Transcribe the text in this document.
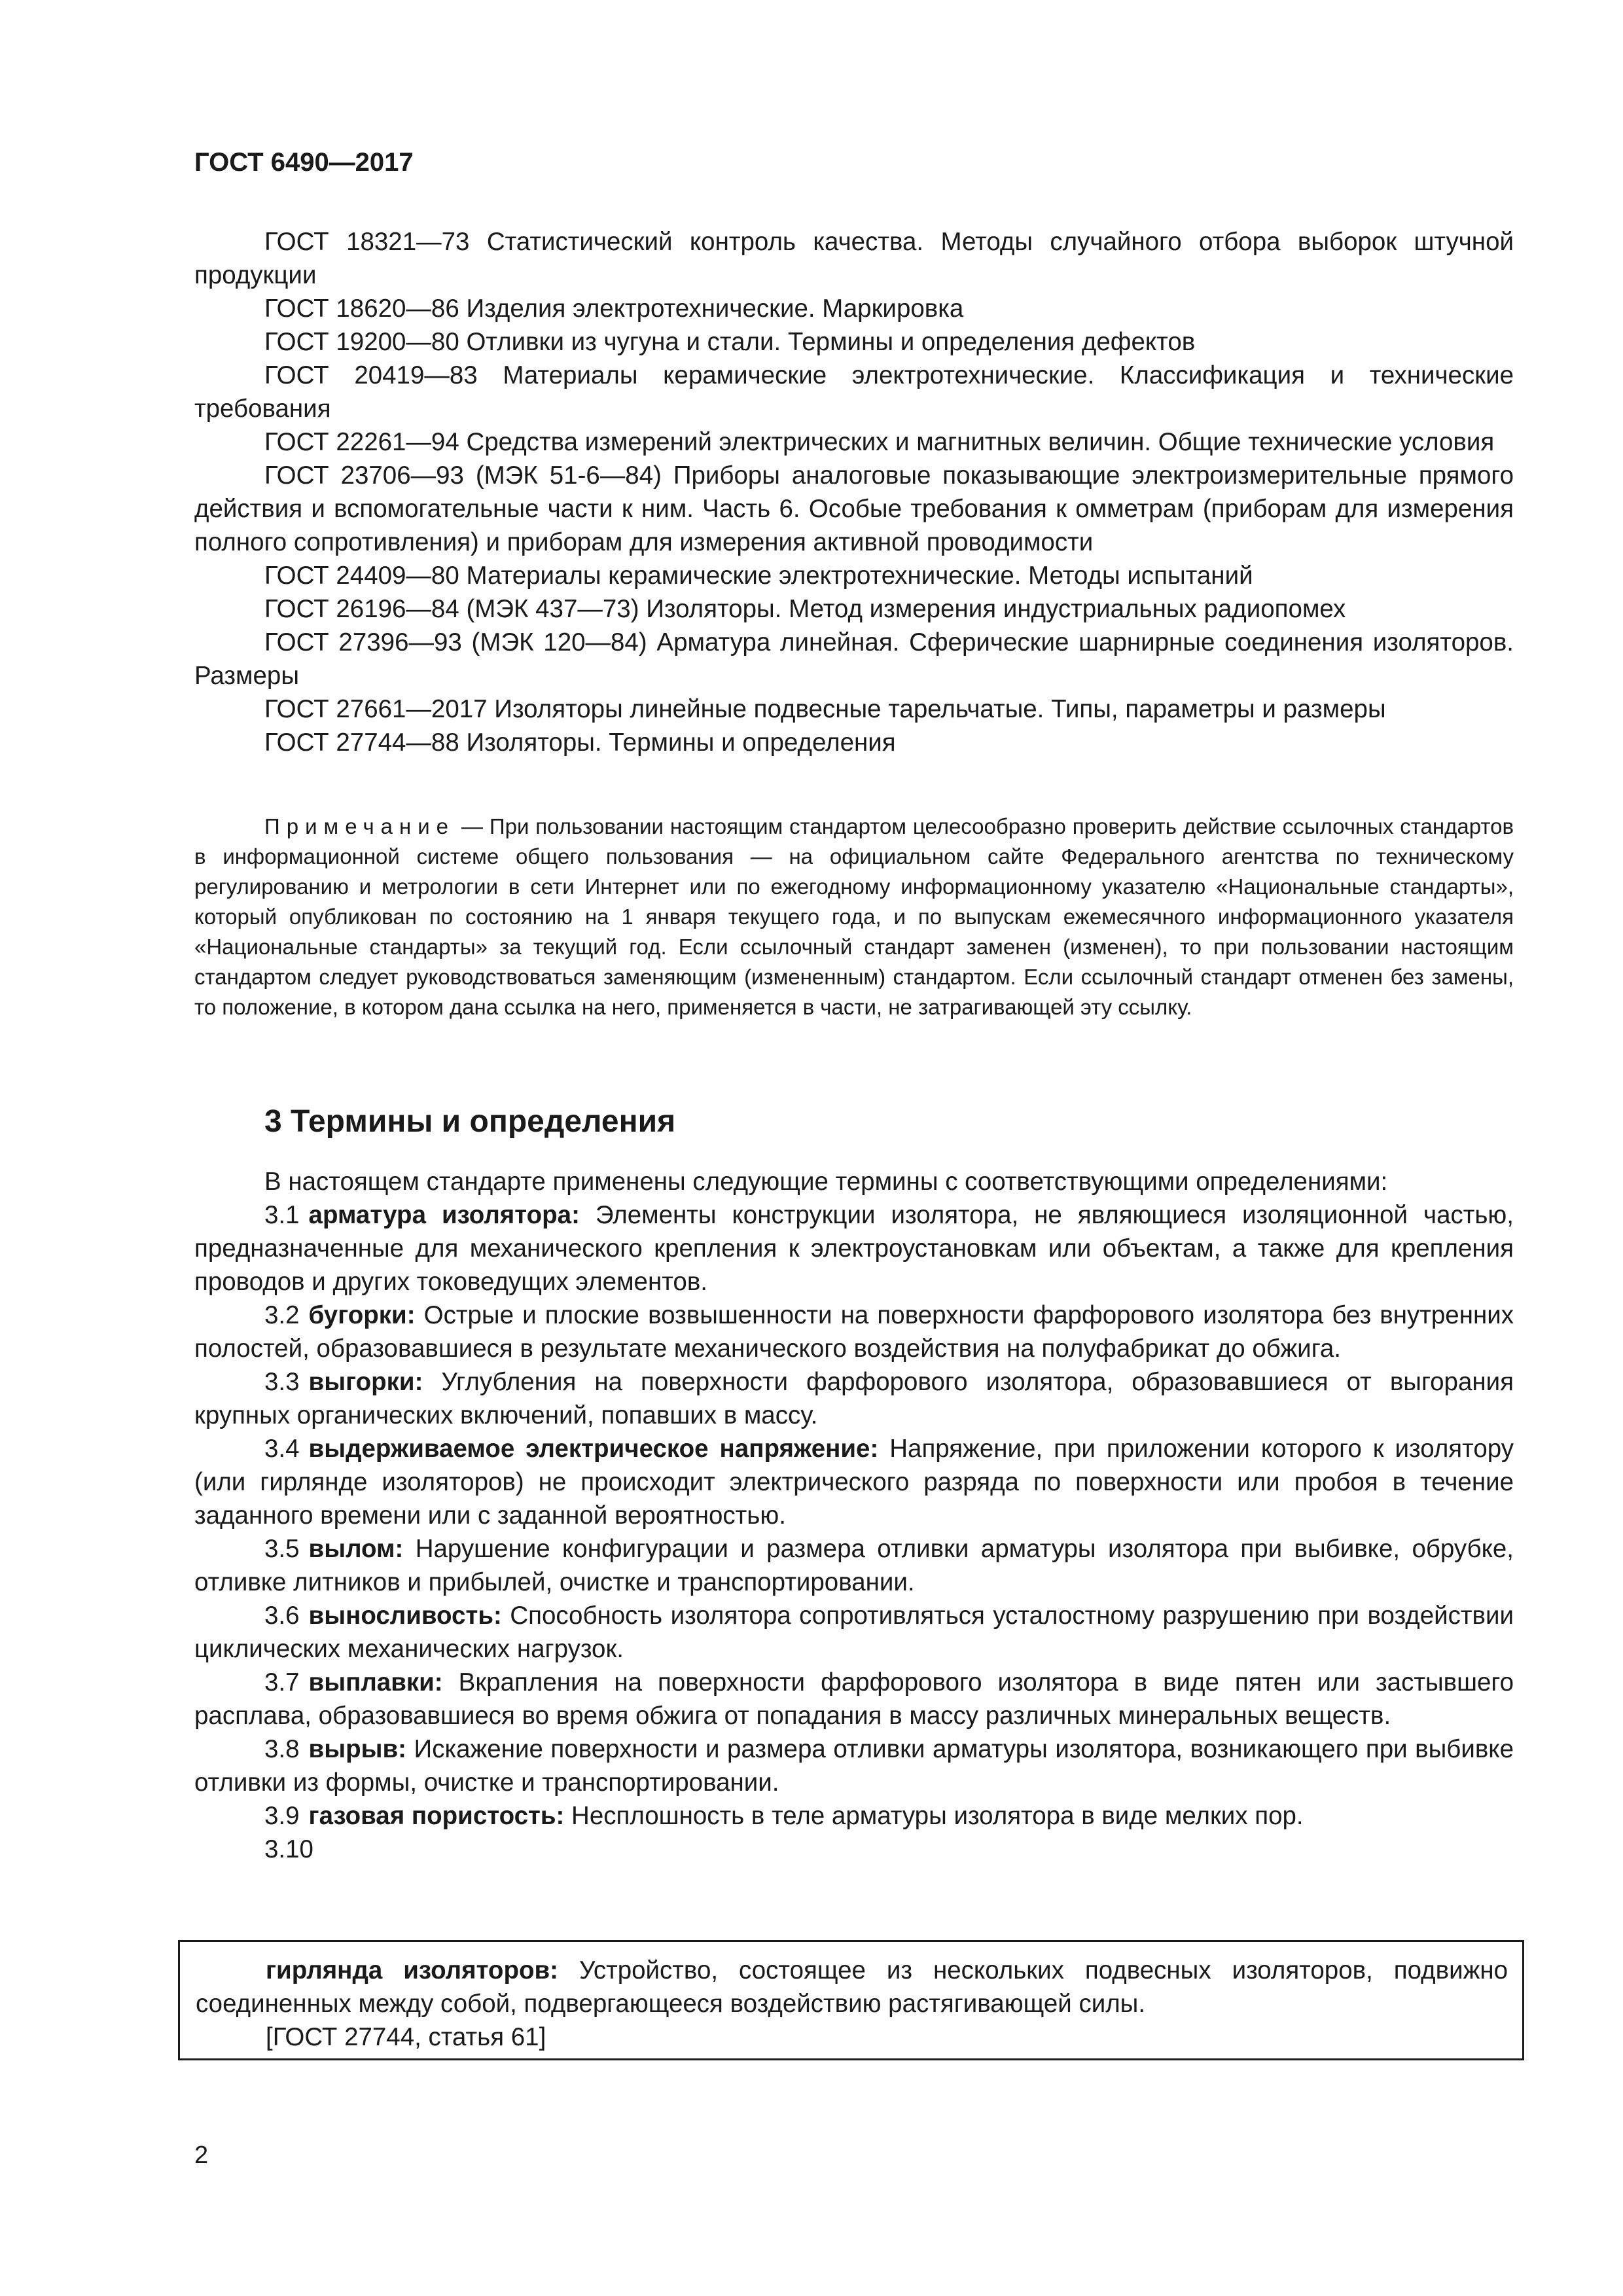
ГОСТ 6490—2017

ГОСТ 18321—73 Статистический контроль качества. Методы случайного отбора выборок штучной продукции

ГОСТ 18620—86 Изделия электротехнические. Маркировка

ГОСТ 19200—80 Отливки из чугуна и стали. Термины и определения дефектов

ГОСТ 20419—83 Материалы керамические электротехнические. Классификация и технические требования

ГОСТ 22261—94 Средства измерений электрических и магнитных величин. Общие технические условия

ГОСТ 23706—93 (МЭК 51-6—84) Приборы аналоговые показывающие электроизмерительные прямого действия и вспомогательные части к ним. Часть 6. Особые требования к омметрам (приборам для измерения полного сопротивления) и приборам для измерения активной проводимости

ГОСТ 24409—80 Материалы керамические электротехнические. Методы испытаний

ГОСТ 26196—84 (МЭК 437—73) Изоляторы. Метод измерения индустриальных радиопомех

ГОСТ 27396—93 (МЭК 120—84) Арматура линейная. Сферические шарнирные соединения изоляторов. Размеры

ГОСТ 27661—2017 Изоляторы линейные подвесные тарельчатые. Типы, параметры и размеры

ГОСТ 27744—88 Изоляторы. Термины и определения

Примечание — При пользовании настоящим стандартом целесообразно проверить действие ссылочных стандартов в информационной системе общего пользования — на официальном сайте Федерального агентства по техническому регулированию и метрологии в сети Интернет или по ежегодному информационному указателю «Национальные стандарты», который опубликован по состоянию на 1 января текущего года, и по выпускам ежемесячного информационного указателя «Национальные стандарты» за текущий год. Если ссылочный стандарт заменен (изменен), то при пользовании настоящим стандартом следует руководствоваться заменяющим (измененным) стандартом. Если ссылочный стандарт отменен без замены, то положение, в котором дана ссылка на него, применяется в части, не затрагивающей эту ссылку.

3 Термины и определения

В настоящем стандарте применены следующие термины с соответствующими определениями:

3.1 арматура изолятора: Элементы конструкции изолятора, не являющиеся изоляционной частью, предназначенные для механического крепления к электроустановкам или объектам, а также для крепления проводов и других токоведущих элементов.

3.2 бугорки: Острые и плоские возвышенности на поверхности фарфорового изолятора без внутренних полостей, образовавшиеся в результате механического воздействия на полуфабрикат до обжига.

3.3 выгорки: Углубления на поверхности фарфорового изолятора, образовавшиеся от выгорания крупных органических включений, попавших в массу.

3.4 выдерживаемое электрическое напряжение: Напряжение, при приложении которого к изолятору (или гирлянде изоляторов) не происходит электрического разряда по поверхности или пробоя в течение заданного времени или с заданной вероятностью.

3.5 вылом: Нарушение конфигурации и размера отливки арматуры изолятора при выбивке, обрубке, отливке литников и прибылей, очистке и транспортировании.

3.6 выносливость: Способность изолятора сопротивляться усталостному разрушению при воздействии циклических механических нагрузок.

3.7 выплавки: Вкрапления на поверхности фарфорового изолятора в виде пятен или застывшего расплава, образовавшиеся во время обжига от попадания в массу различных минеральных веществ.

3.8 вырыв: Искажение поверхности и размера отливки арматуры изолятора, возникающего при выбивке отливки из формы, очистке и транспортировании.

3.9 газовая пористость: Несплошность в теле арматуры изолятора в виде мелких пор.

3.10

гирлянда изоляторов: Устройство, состоящее из нескольких подвесных изоляторов, подвижно соединенных между собой, подвергающееся воздействию растягивающей силы.

[ГОСТ 27744, статья 61]

2
